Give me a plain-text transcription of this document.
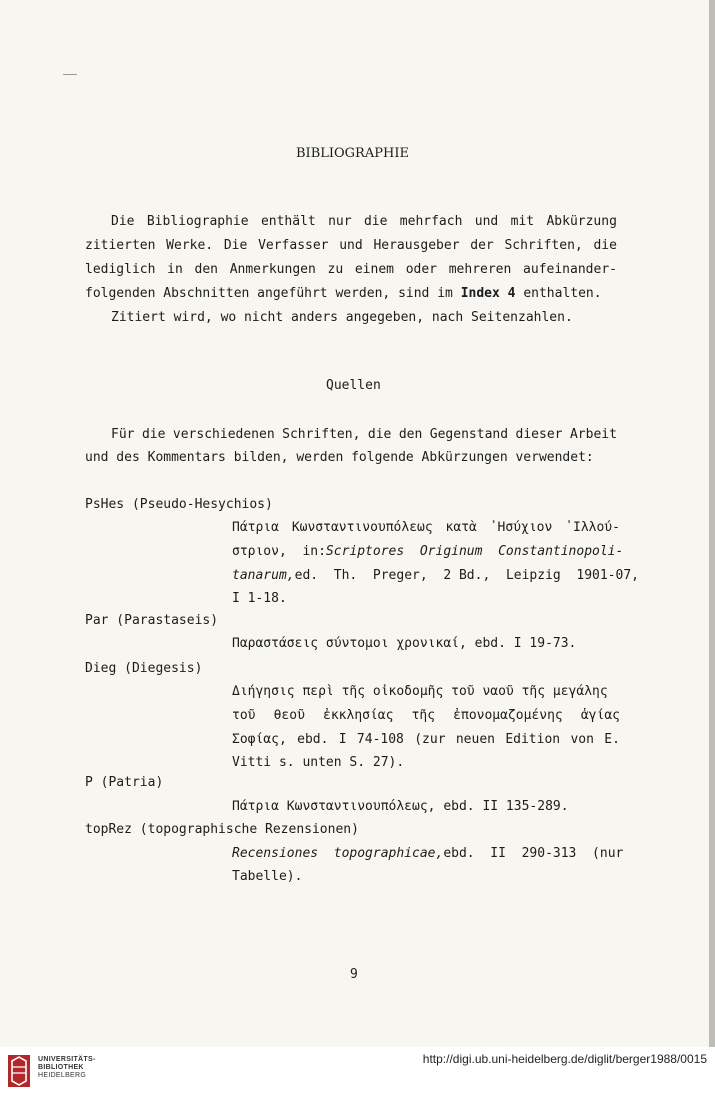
BIBLIOGRAPHIE
Die Bibliographie enthält nur die mehrfach und mit Abkürzung
zitierten Werke. Die Verfasser und Herausgeber der Schriften, die
lediglich in den Anmerkungen zu einem oder mehreren aufeinander-
folgenden Abschnitten angeführt werden, sind im Index 4 enthalten.
Zitiert wird, wo nicht anders angegeben, nach Seitenzahlen.
Quellen
Für die verschiedenen Schriften, die den Gegenstand dieser Arbeit
und des Kommentars bilden, werden folgende Abkürzungen verwendet:
PsHes (Pseudo-Hesychios)
Πάτρια Κωνσταντινουπόλεως κατὰ ῾Ησύχιον ᾿Ιλλού-
στριον,  in: Scriptores  Originum  Constantinopoli-
tanarum, ed.  Th.  Preger,  2 Bd.,  Leipzig  1901-07,
I 1-18.
Par (Parastaseis)
Παραστάσεις σύντομοι χρονικαί, ebd. I 19-73.
Dieg (Diegesis)
Διήγησις περὶ τῆς οἰκοδομῆς τοῦ ναοῦ τῆς μεγάλης
τοῦ θεοῦ ἐκκλησίας τῆς ἐπονομαζομένης ἁγίας
Σοφίας, ebd. I 74-108 (zur neuen Edition von E.
Vitti s. unten S. 27).
P (Patria)
Πάτρια Κωνσταντινουπόλεως, ebd. II 135-289.
topRez (topographische Rezensionen)
Recensiones  topographicae, ebd.  II  290-313  (nur
Tabelle).
9
UNIVERSITÄTS-
BIBLIOTHEK
HEIDELBERG
http://digi.ub.uni-heidelberg.de/diglit/berger1988/0015
